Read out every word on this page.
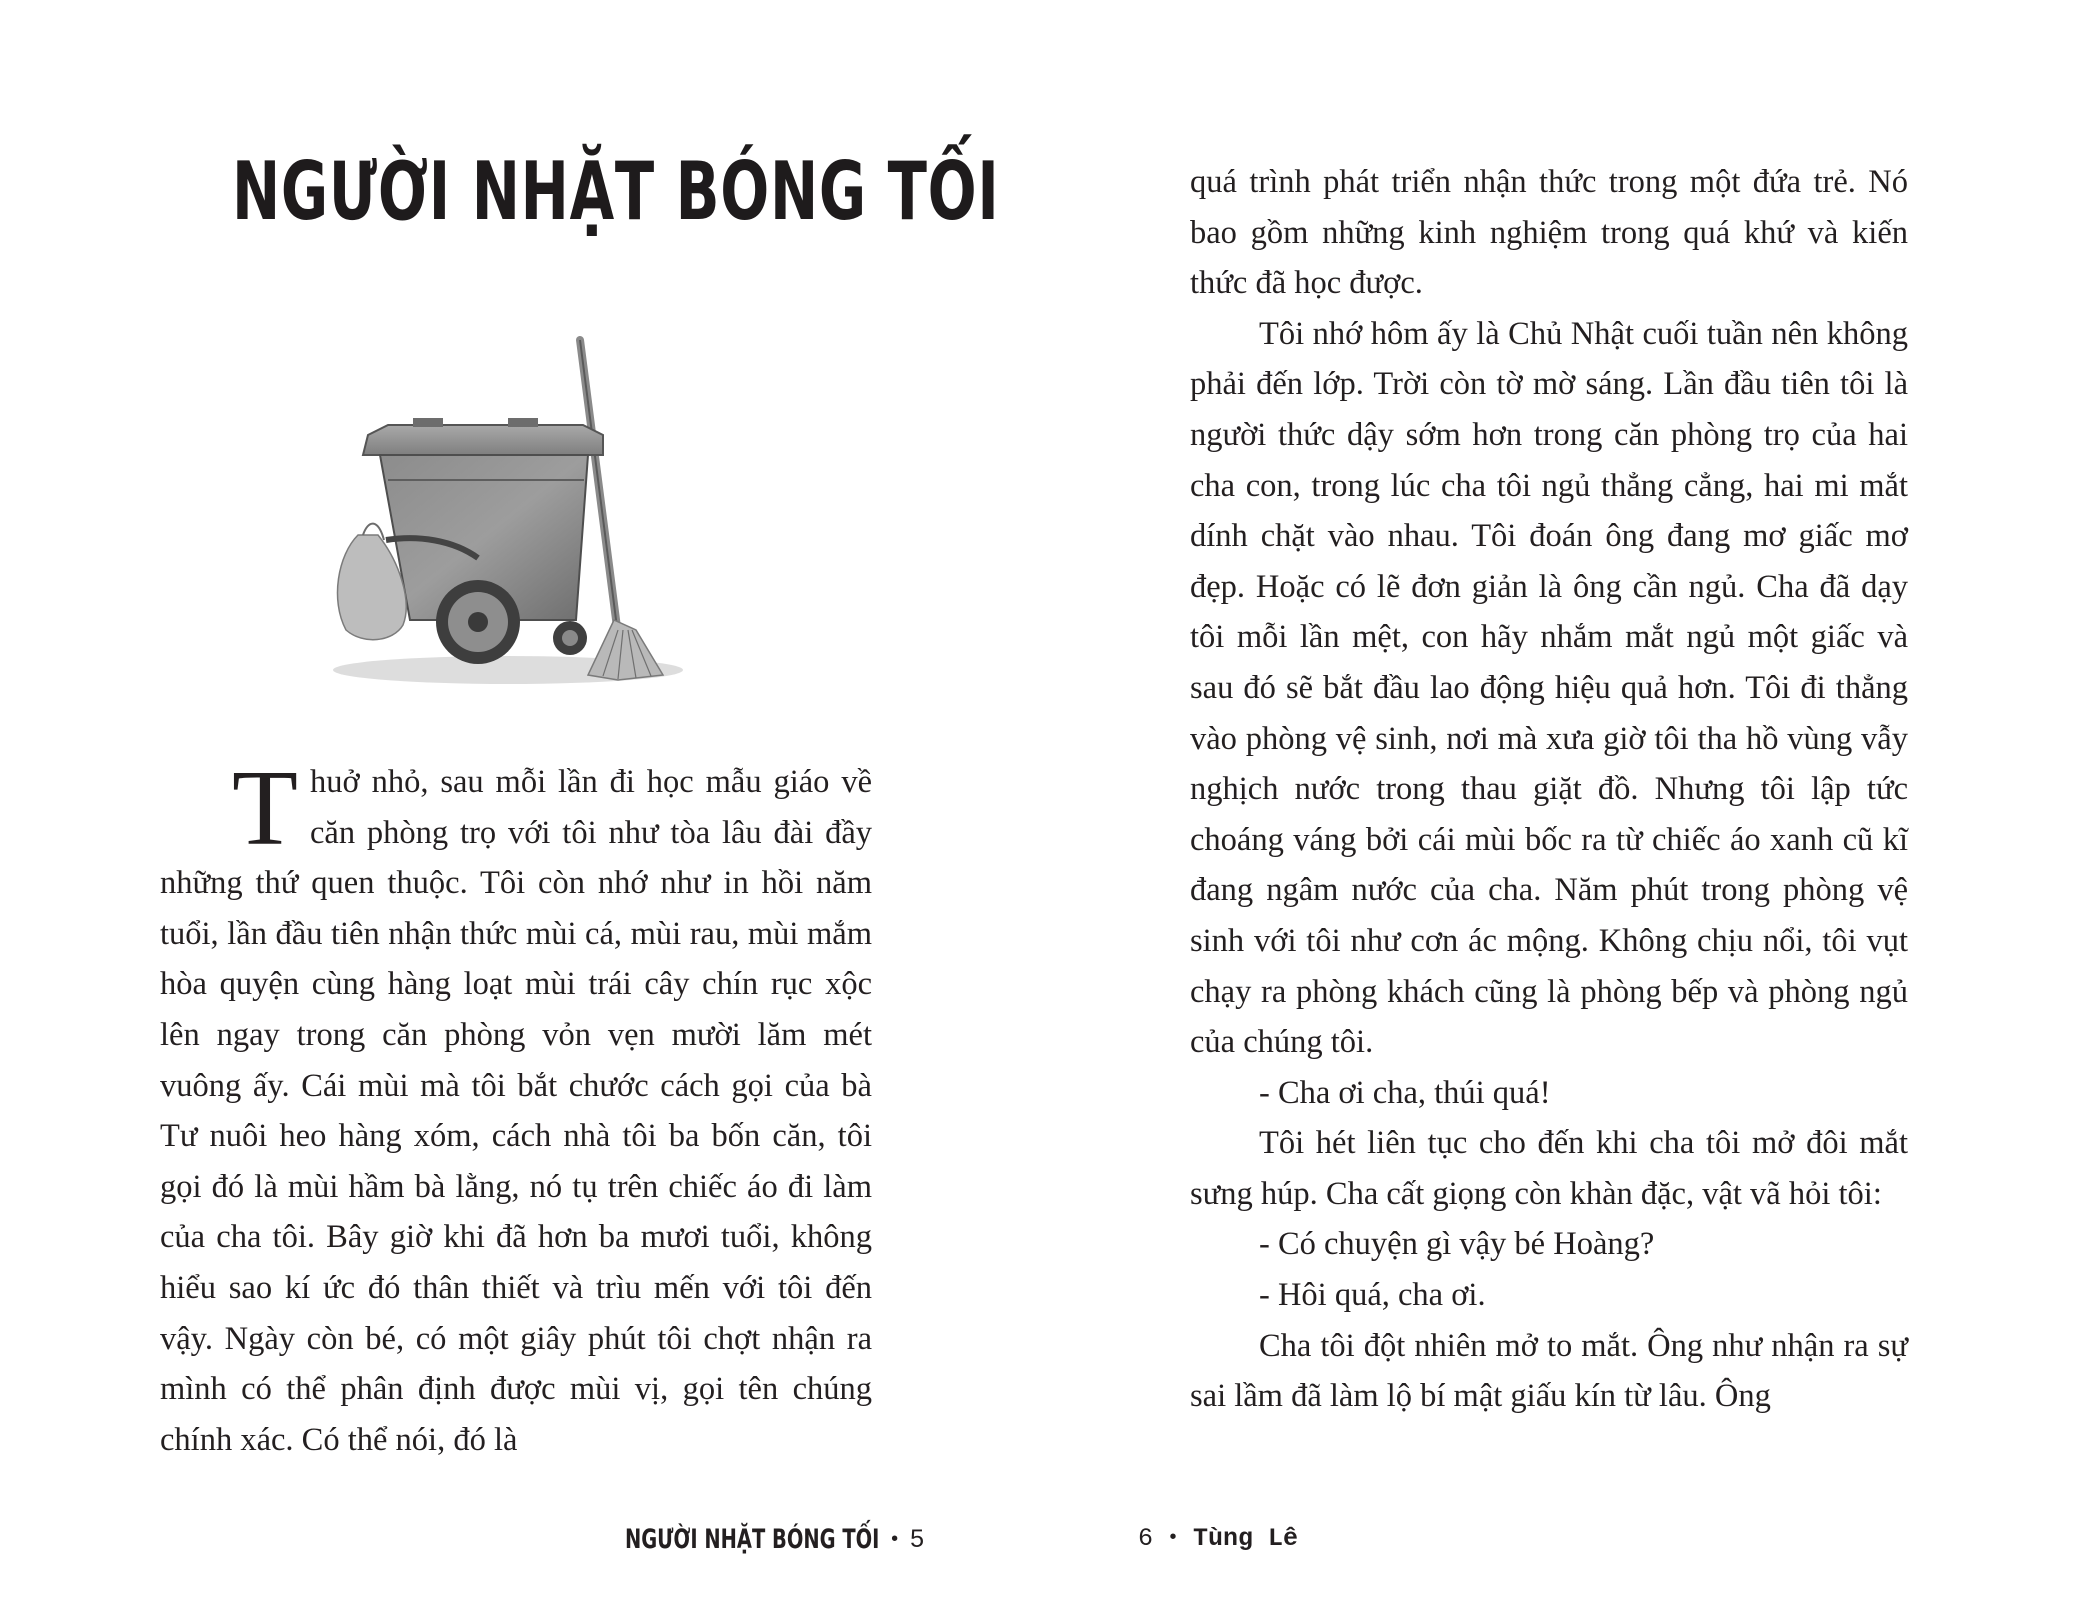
NGƯỜI NHẶT BÓNG TỐI

Thuở nhỏ, sau mỗi lần đi học mẫu giáo về căn phòng trọ với tôi như tòa lâu đài đầy những thứ quen thuộc. Tôi còn nhớ như in hồi năm tuổi, lần đầu tiên nhận thức mùi cá, mùi rau, mùi mắm hòa quyện cùng hàng loạt mùi trái cây chín rục xộc lên ngay trong căn phòng vỏn vẹn mười lăm mét vuông ấy. Cái mùi mà tôi bắt chước cách gọi của bà Tư nuôi heo hàng xóm, cách nhà tôi ba bốn căn, tôi gọi đó là mùi hầm bà lằng, nó tụ trên chiếc áo đi làm của cha tôi. Bây giờ khi đã hơn ba mươi tuổi, không hiểu sao kí ức đó thân thiết và trìu mến với tôi đến vậy. Ngày còn bé, có một giây phút tôi chợt nhận ra mình có thể phân định được mùi vị, gọi tên chúng chính xác. Có thể nói, đó là

NGƯỜI NHẶT BÓNG TỐI • 5

quá trình phát triển nhận thức trong một đứa trẻ. Nó bao gồm những kinh nghiệm trong quá khứ và kiến thức đã học được.

Tôi nhớ hôm ấy là Chủ Nhật cuối tuần nên không phải đến lớp. Trời còn tờ mờ sáng. Lần đầu tiên tôi là người thức dậy sớm hơn trong căn phòng trọ của hai cha con, trong lúc cha tôi ngủ thẳng cẳng, hai mi mắt dính chặt vào nhau. Tôi đoán ông đang mơ giấc mơ đẹp. Hoặc có lẽ đơn giản là ông cần ngủ. Cha đã dạy tôi mỗi lần mệt, con hãy nhắm mắt ngủ một giấc và sau đó sẽ bắt đầu lao động hiệu quả hơn. Tôi đi thẳng vào phòng vệ sinh, nơi mà xưa giờ tôi tha hồ vùng vẫy nghịch nước trong thau giặt đồ. Nhưng tôi lập tức choáng váng bởi cái mùi bốc ra từ chiếc áo xanh cũ kĩ đang ngâm nước của cha. Năm phút trong phòng vệ sinh với tôi như cơn ác mộng. Không chịu nổi, tôi vụt chạy ra phòng khách cũng là phòng bếp và phòng ngủ của chúng tôi.

- Cha ơi cha, thúi quá!

Tôi hét liên tục cho đến khi cha tôi mở đôi mắt sưng húp. Cha cất giọng còn khàn đặc, vật vã hỏi tôi:

- Có chuyện gì vậy bé Hoàng?

- Hôi quá, cha ơi.

Cha tôi đột nhiên mở to mắt. Ông như nhận ra sự sai lầm đã làm lộ bí mật giấu kín từ lâu. Ông

6 • Tùng Lê
